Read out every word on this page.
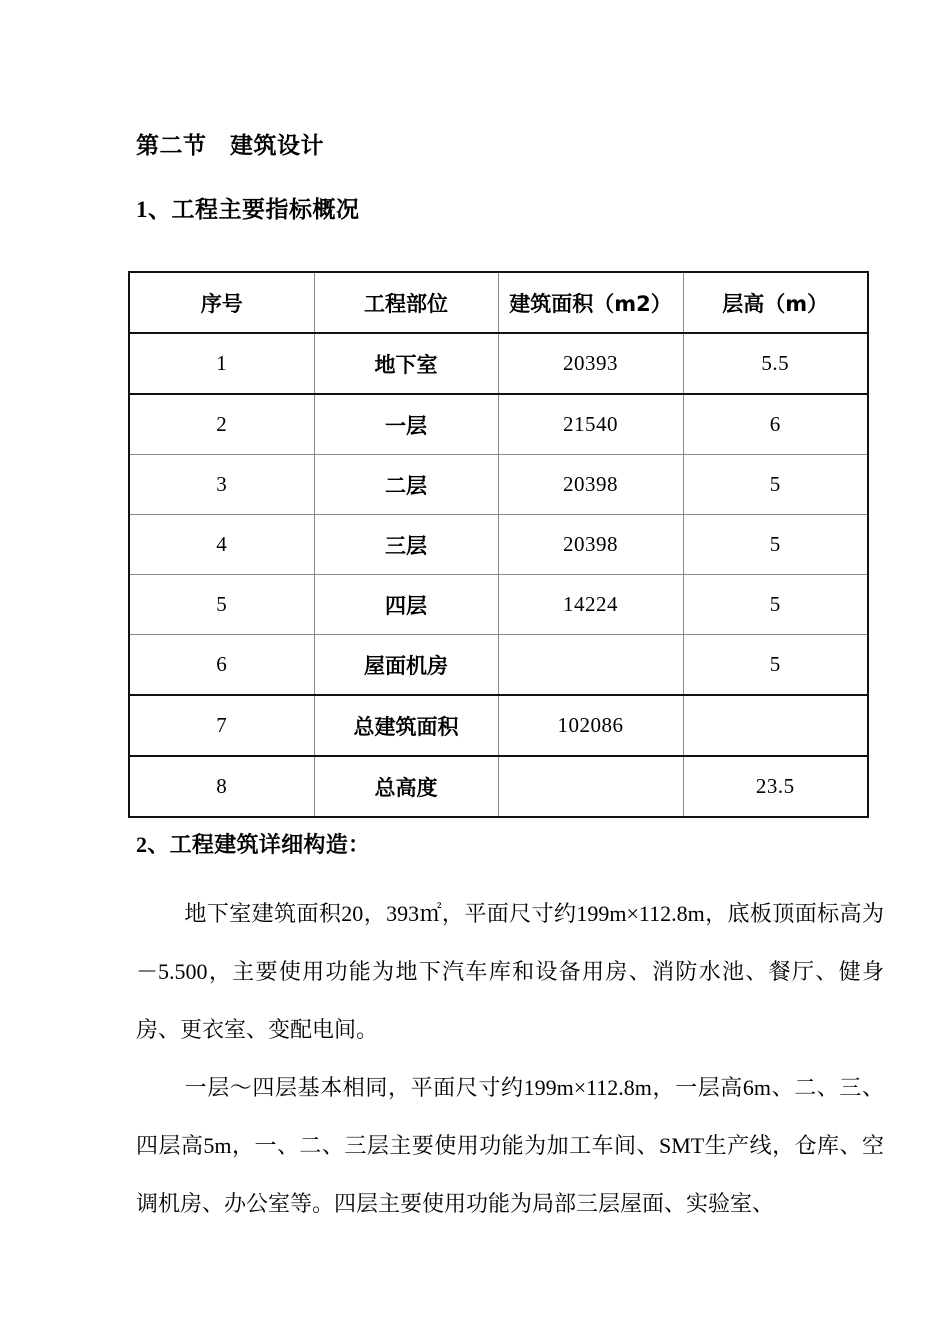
第二节　建筑设计
1、工程主要指标概况
序号	工程部位	建筑面积（m2）	层高（m）
1	地下室	20393	5.5
2	一层	21540	6
3	二层	20398	5
4	三层	20398	5
5	四层	14224	5
6	屋面机房		5
7	总建筑面积	102086	
8	总高度		23.5
2、工程建筑详细构造：

地下室建筑面积20，393㎡，平面尺寸约199m×112.8m，底板顶面标高为－5.500，主要使用功能为地下汽车库和设备用房、消防水池、餐厅、健身房、更衣室、变配电间。

一层～四层基本相同，平面尺寸约199m×112.8m，一层高6m、二、三、四层高5m，一、二、三层主要使用功能为加工车间、SMT生产线，仓库、空调机房、办公室等。四层主要使用功能为局部三层屋面、实验室、
